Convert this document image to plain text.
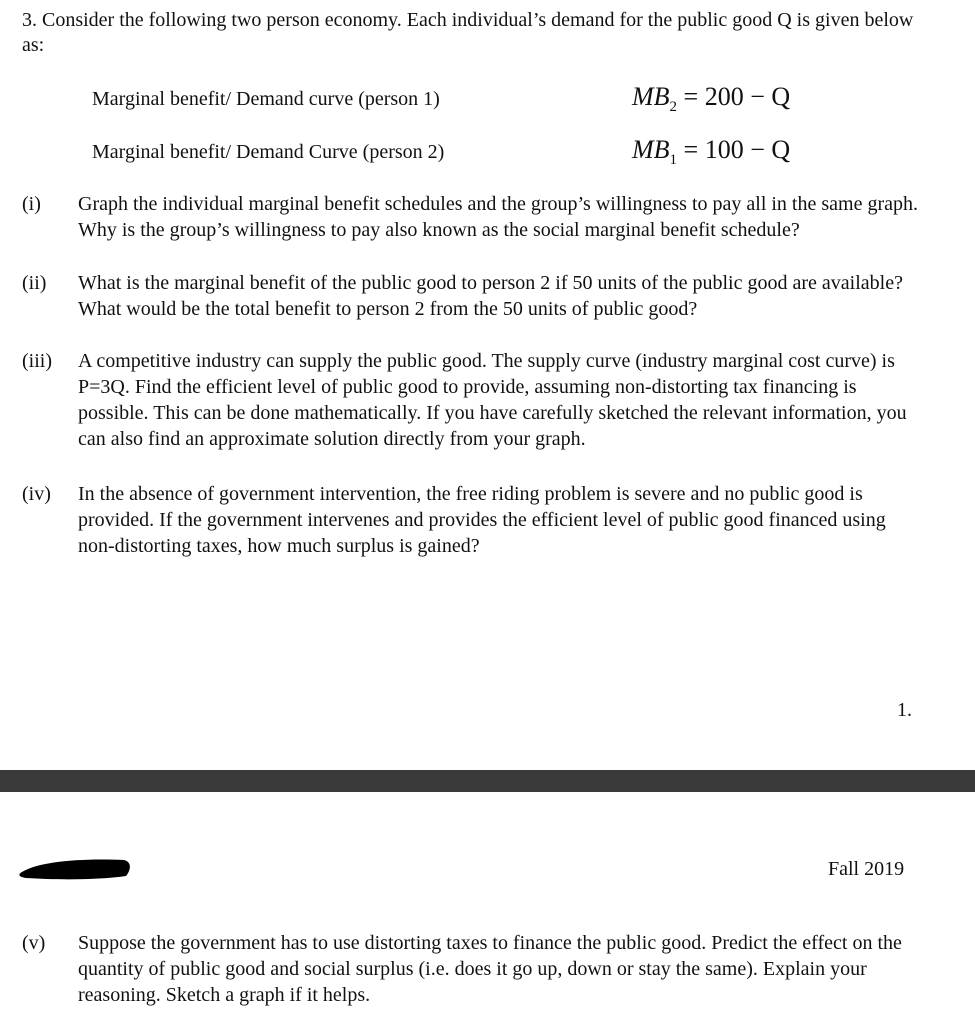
3. Consider the following two person economy. Each individual’s demand for the public good Q is given below as:
Marginal benefit/ Demand curve (person 1)	$MB_2 = 200 - Q$
Marginal benefit/ Demand Curve (person 2)	$MB_1 = 100 - Q$
(i) Graph the individual marginal benefit schedules and the group’s willingness to pay all in the same graph. Why is the group’s willingness to pay also known as the social marginal benefit schedule?
(ii) What is the marginal benefit of the public good to person 2 if 50 units of the public good are available? What would be the total benefit to person 2 from the 50 units of public good?
(iii) A competitive industry can supply the public good. The supply curve (industry marginal cost curve) is P=3Q. Find the efficient level of public good to provide, assuming non-distorting tax financing is possible. This can be done mathematically. If you have carefully sketched the relevant information, you can also find an approximate solution directly from your graph.
(iv) In the absence of government intervention, the free riding problem is severe and no public good is provided. If the government intervenes and provides the efficient level of public good financed using non-distorting taxes, how much surplus is gained?
1.
Fall 2019
(v) Suppose the government has to use distorting taxes to finance the public good. Predict the effect on the quantity of public good and social surplus (i.e. does it go up, down or stay the same). Explain your reasoning. Sketch a graph if it helps.
